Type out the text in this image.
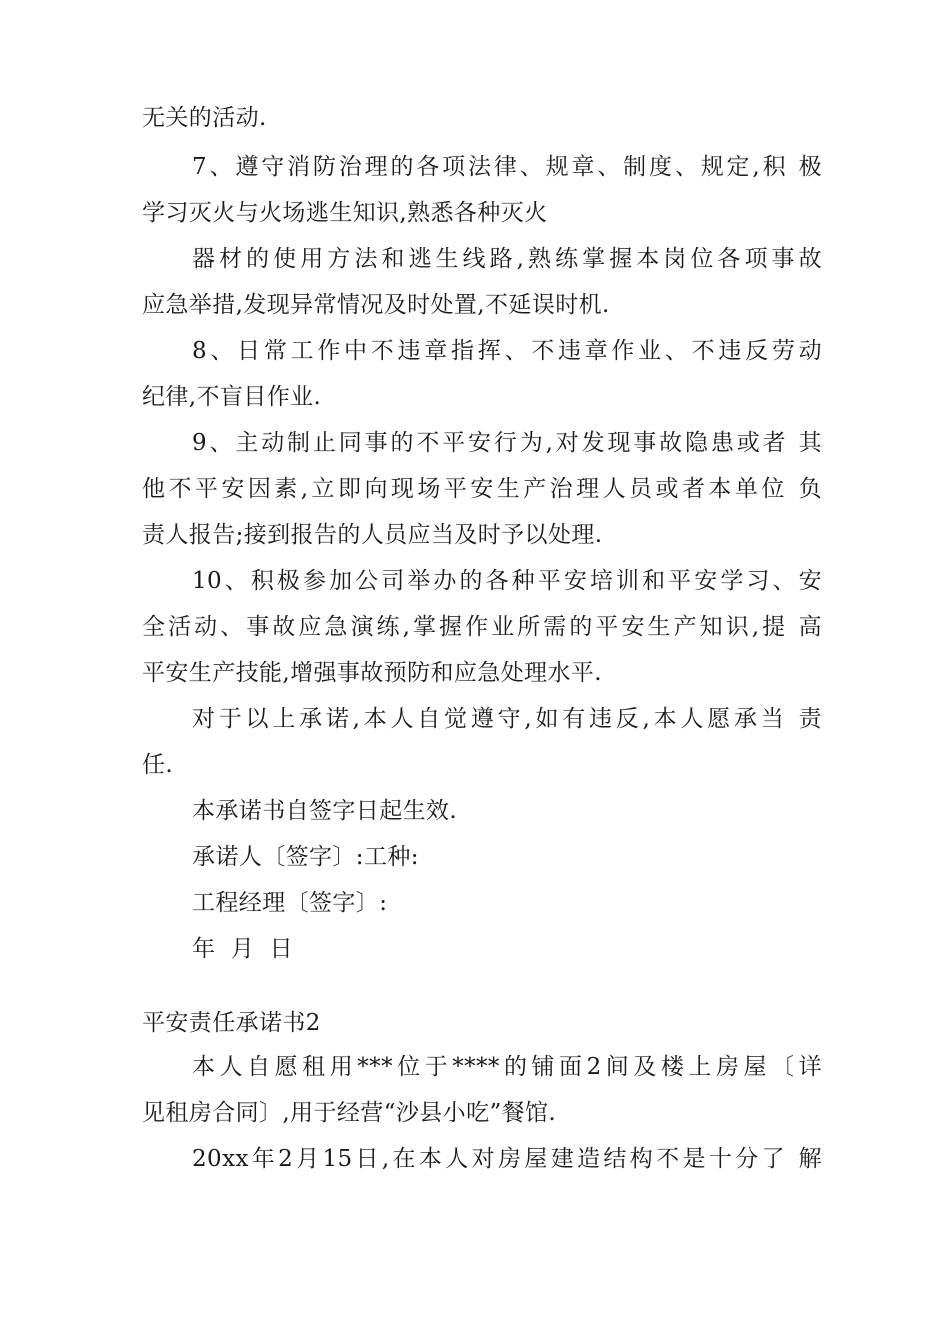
无关的活动.
7、遵守消防治理的各项法律、规章、制度、规定,积 极
学习灭火与火场逃生知识,熟悉各种灭火
器材的使用方法和逃生线路,熟练掌握本岗位各项事故
应急举措,发现异常情况及时处置,不延误时机.
8、日常工作中不违章指挥、不违章作业、不违反劳动
纪律,不盲目作业.
9、主动制止同事的不平安行为,对发现事故隐患或者 其
他不平安因素,立即向现场平安生产治理人员或者本单位 负
责人报告;接到报告的人员应当及时予以处理.
10、积极参加公司举办的各种平安培训和平安学习、安
全活动、事故应急演练,掌握作业所需的平安生产知识,提 高
平安生产技能,增强事故预防和应急处理水平.
对于以上承诺,本人自觉遵守,如有违反,本人愿承当 责
任.
本承诺书自签字日起生效.
承诺人〔签字〕:工种:
工程经理〔签字〕:
年  月  日
平安责任承诺书2
本人自愿租用***位于****的铺面2间及楼上房屋〔详
见租房合同〕,用于经营“沙县小吃”餐馆.
20xx年2月15日,在本人对房屋建造结构不是十分了 解
